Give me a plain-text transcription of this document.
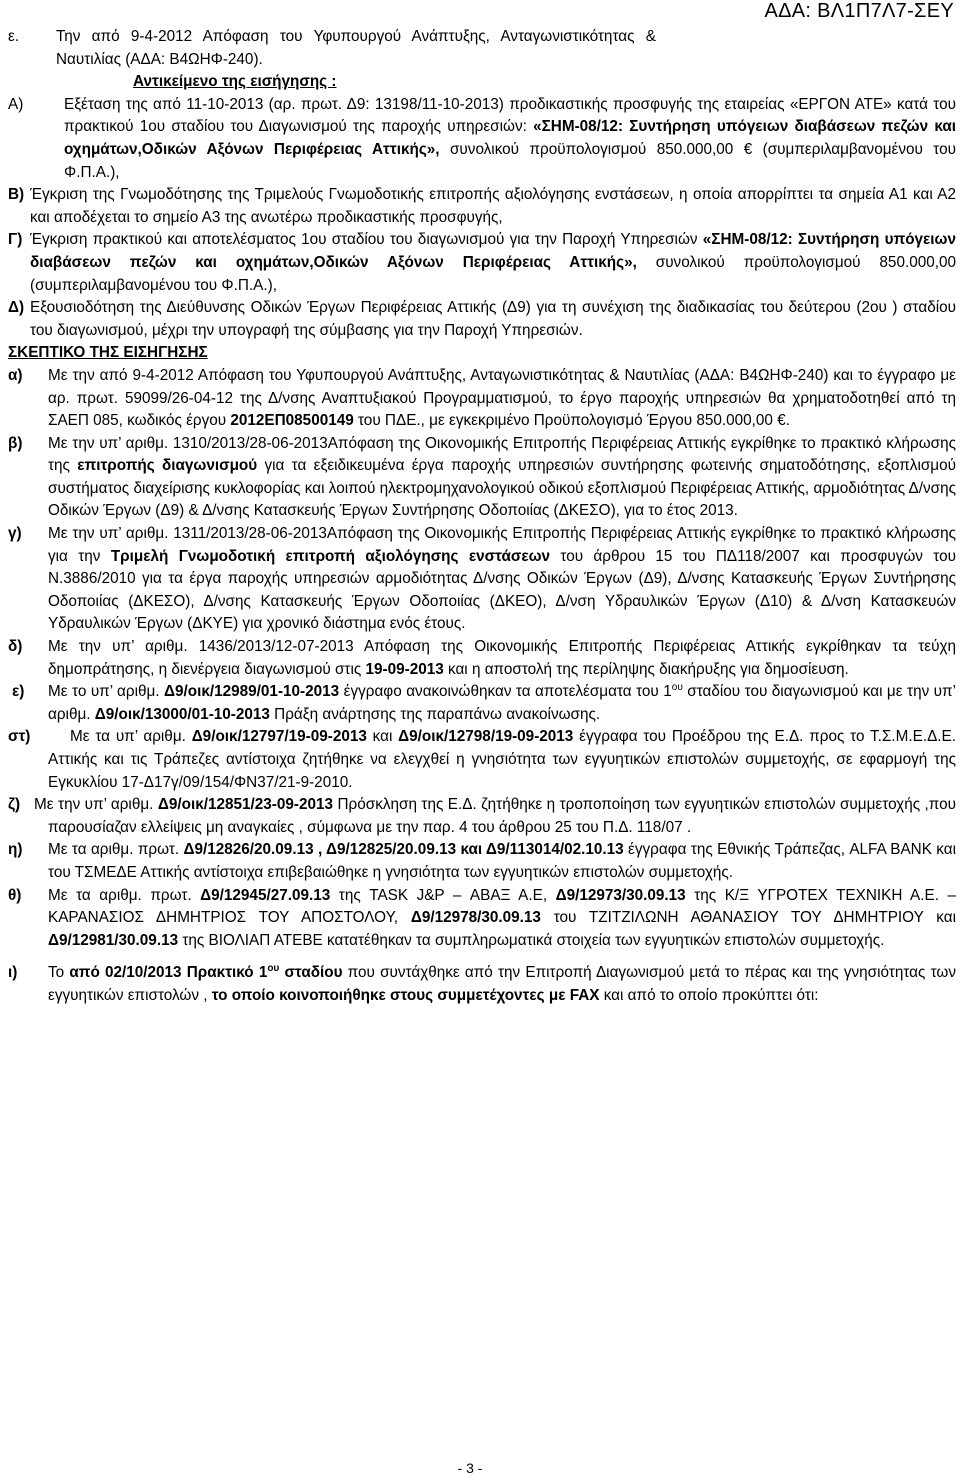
ΑΔΑ: ΒΛ1Π7Λ7-ΣΕΥ
ε. Την από 9-4-2012 Απόφαση του Υφυπουργού Ανάπτυξης, Ανταγωνιστικότητας & Ναυτιλίας (ΑΔΑ: Β4ΩΗΦ-240).
Αντικείμενο της εισήγησης :
Α)	Εξέταση της από 11-10-2013 (αρ. πρωτ. Δ9: 13198/11-10-2013) προδικαστικής προσφυγής της εταιρείας «ΕΡΓΟΝ ΑΤΕ» κατά του πρακτικού 1ου σταδίου του Διαγωνισμού της παροχής υπηρεσιών: «ΣΗΜ-08/12: Συντήρηση υπόγειων διαβάσεων πεζών και οχημάτων,Οδικών Αξόνων Περιφέρειας Αττικής», συνολικού προϋπολογισμού 850.000,00 € (συμπεριλαμβανομένου του Φ.Π.Α.),
Β) Έγκριση της Γνωμοδότησης της Τριμελούς Γνωμοδοτικής επιτροπής αξιολόγησης ενστάσεων, η οποία απορρίπτει τα σημεία Α1 και Α2 και αποδέχεται το σημείο Α3 της ανωτέρω προδικαστικής προσφυγής,
Γ) Έγκριση πρακτικού και αποτελέσματος 1ου σταδίου του διαγωνισμού για την Παροχή Υπηρεσιών «ΣΗΜ-08/12: Συντήρηση υπόγειων διαβάσεων πεζών και οχημάτων,Οδικών Αξόνων Περιφέρειας Αττικής», συνολικού προϋπολογισμού 850.000,00 (συμπεριλαμβανομένου του Φ.Π.Α.),
Δ) Εξουσιοδότηση της Διεύθυνσης Οδικών Έργων Περιφέρειας Αττικής (Δ9) για τη συνέχιση της διαδικασίας του δεύτερου (2ου ) σταδίου του διαγωνισμού, μέχρι την υπογραφή της σύμβασης για την Παροχή Υπηρεσιών.
ΣΚΕΠΤΙΚΟ ΤΗΣ ΕΙΣΗΓΗΣΗΣ
α) Με την από 9-4-2012 Απόφαση του Υφυπουργού Ανάπτυξης, Ανταγωνιστικότητας & Ναυτιλίας (ΑΔΑ: Β4ΩΗΦ-240) και το έγγραφο με αρ. πρωτ. 59099/26-04-12 της Δ/νσης Αναπτυξιακού Προγραμματισμού, το έργο παροχής υπηρεσιών θα χρηματοδοτηθεί από τη ΣΑΕΠ 085, κωδικός έργου 2012ΕΠ08500149 του ΠΔΕ., με εγκεκριμένο Προϋπολογισμό Έργου 850.000,00 €.
β) Με την υπ’ αριθμ. 1310/2013/28-06-2013Απόφαση της Οικονομικής Επιτροπής Περιφέρειας Αττικής εγκρίθηκε το πρακτικό κλήρωσης της επιτροπής διαγωνισμού για τα εξειδικευμένα έργα παροχής υπηρεσιών συντήρησης φωτεινής σηματοδότησης, εξοπλισμού συστήματος διαχείρισης κυκλοφορίας και λοιπού ηλεκτρομηχανολογικού οδικού εξοπλισμού Περιφέρειας Αττικής, αρμοδιότητας Δ/νσης Οδικών Έργων (Δ9) & Δ/νσης Κατασκευής Έργων Συντήρησης Οδοποιίας (ΔΚΕΣΟ), για το έτος 2013.
γ) Με την υπ’ αριθμ. 1311/2013/28-06-2013Απόφαση της Οικονομικής Επιτροπής Περιφέρειας Αττικής εγκρίθηκε το πρακτικό κλήρωσης για την Τριμελή Γνωμοδοτική επιτροπή αξιολόγησης ενστάσεων του άρθρου 15 του ΠΔ118/2007 και προσφυγών του Ν.3886/2010 για τα έργα παροχής υπηρεσιών αρμοδιότητας Δ/νσης Οδικών Έργων (Δ9), Δ/νσης Κατασκευής Έργων Συντήρησης Οδοποιίας (ΔΚΕΣΟ), Δ/νσης Κατασκευής Έργων Οδοποιίας (ΔΚΕΟ), Δ/νση Υδραυλικών Έργων (Δ10) & Δ/νση Κατασκευών Υδραυλικών Έργων (ΔΚΥΕ) για χρονικό διάστημα ενός έτους.
δ) Με την υπ’ αριθμ. 1436/2013/12-07-2013 Απόφαση της Οικονομικής Επιτροπής Περιφέρειας Αττικής εγκρίθηκαν τα τεύχη δημοπράτησης, η διενέργεια διαγωνισμού στις 19-09-2013 και η αποστολή της περίληψης διακήρυξης για δημοσίευση.
ε) Με το υπ’ αριθμ. Δ9/οικ/12989/01-10-2013 έγγραφο ανακοινώθηκαν τα αποτελέσματα του $1^{o\upsilon}$ σταδίου του διαγωνισμού και με την υπ’ αριθμ. Δ9/οικ/13000/01-10-2013 Πράξη ανάρτησης της παραπάνω ανακοίνωσης.
στ)	Με τα υπ’ αριθμ. Δ9/οικ/12797/19-09-2013 και Δ9/οικ/12798/19-09-2013 έγγραφα του Προέδρου της Ε.Δ. προς το Τ.Σ.Μ.Ε.Δ.Ε. Αττικής και τις Τράπεζες αντίστοιχα ζητήθηκε να ελεγχθεί η γνησιότητα των εγγυητικών επιστολών συμμετοχής, σε εφαρμογή της Εγκυκλίου 17-Δ17γ/09/154/ΦΝ37/21-9-2010.
ζ) Με την υπ’ αριθμ. Δ9/οικ/12851/23-09-2013 Πρόσκληση της Ε.Δ. ζητήθηκε η τροποποίηση των εγγυητικών επιστολών συμμετοχής ,που παρουσίαζαν ελλείψεις μη αναγκαίες , σύμφωνα με την παρ. 4 του άρθρου 25 του Π.Δ. 118/07 .
η) Με τα αριθμ. πρωτ. Δ9/12826/20.09.13 , Δ9/12825/20.09.13 και Δ9/113014/02.10.13 έγγραφα της Εθνικής Τράπεζας, ALFA BANK και του ΤΣΜΕΔΕ Αττικής αντίστοιχα επιβεβαιώθηκε η γνησιότητα των εγγυητικών επιστολών συμμετοχής.
θ) Με τα αριθμ. πρωτ. Δ9/12945/27.09.13 της TASK J&P – ΑΒΑΞ Α.Ε, Δ9/12973/30.09.13 της Κ/Ξ ΥΓΡΟΤΕΧ ΤΕΧΝΙΚΗ Α.Ε. – ΚΑΡΑΝΑΣΙΟΣ ΔΗΜΗΤΡΙΟΣ ΤΟΥ ΑΠΟΣΤΟΛΟΥ, Δ9/12978/30.09.13 του ΤΖΙΤΖΙΛΩΝΗ ΑΘΑΝΑΣΙΟΥ ΤΟΥ ΔΗΜΗΤΡΙΟΥ και Δ9/12981/30.09.13 της ΒΙΟΛΙΑΠ ΑΤΕΒΕ κατατέθηκαν τα συμπληρωματικά στοιχεία των εγγυητικών επιστολών συμμετοχής.
ι) Το από 02/10/2013 Πρακτικό $1^{o\upsilon}$ σταδίου που συντάχθηκε από την Επιτροπή Διαγωνισμού μετά το πέρας και της γνησιότητας των εγγυητικών επιστολών , το οποίο κοινοποιήθηκε στους συμμετέχοντες με FAX και από το οποίο προκύπτει ότι:
- 3 -
